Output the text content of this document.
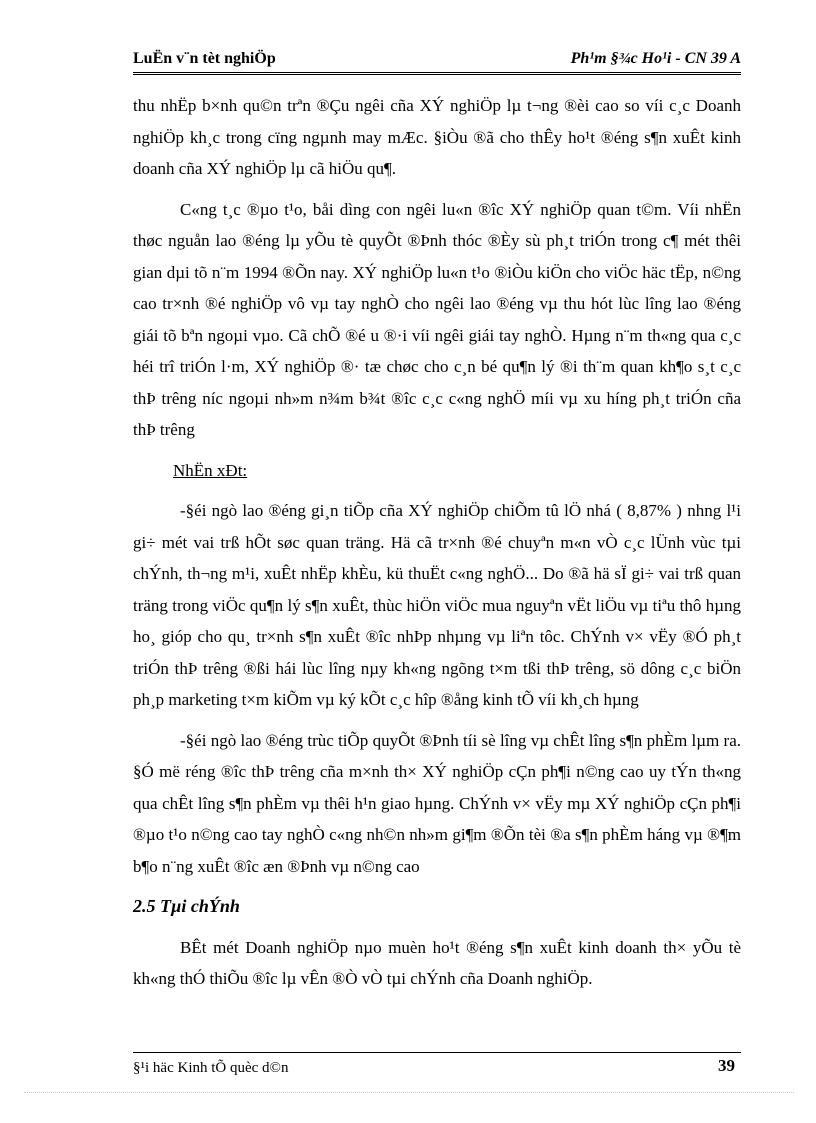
LuËn v¨n tèt nghiÖp	Ph¹m §¾c Ho¹i - CN 39 A

thu nhËp b×nh qu©n trªn ®Çu ngêi cña XÝ nghiÖp lµ t¬ng ®èi cao so víi c¸c Doanh nghiÖp kh¸c trong cïng ngµnh may mÆc. §iÒu ®ã cho thÊy ho¹t ®éng s¶n xuÊt kinh doanh cña XÝ nghiÖp lµ cã hiÖu qu¶.

C«ng t¸c ®µo t¹o, båi dìng con ngêi lu«n ®îc XÝ nghiÖp quan t©m. Víi nhËn thøc nguån lao ®éng lµ yÕu tè quyÕt ®Þnh thóc ®Èy sù ph¸t triÓn trong c¶ mét thêi gian dµi tõ n¨m 1994 ®Õn nay. XÝ nghiÖp lu«n t¹o ®iÒu kiÖn cho viÖc häc tËp, n©ng cao tr×nh ®é nghiÖp vô vµ tay nghÒ cho ngêi lao ®éng vµ thu hót lùc lîng lao ®éng giái tõ bªn ngoµi vµo. Cã chÕ ®é u ®·i víi ngêi giái tay nghÒ. Hµng n¨m th«ng qua c¸c héi trî triÓn l·m, XÝ nghiÖp ®· tæ chøc cho c¸n bé qu¶n lý ®i th¨m quan kh¶o s¸t c¸c thÞ trêng níc ngoµi nh»m n¾m b¾t ®îc c¸c c«ng nghÖ míi vµ xu híng ph¸t triÓn cña thÞ trêng

NhËn xÐt:

-§éi ngò lao ®éng gi¸n tiÕp cña XÝ nghiÖp chiÕm tû lÖ nhá ( 8,87% ) nhng l¹i gi÷ mét vai trß hÕt søc quan träng. Hä cã tr×nh ®é chuyªn m«n vÒ c¸c lÜnh vùc tµi chÝnh, th¬ng m¹i, xuÊt nhËp khÈu, kü thuËt c«ng nghÖ... Do ®ã hä sÏ gi÷ vai trß quan träng trong viÖc qu¶n lý s¶n xuÊt, thùc hiÖn viÖc mua nguyªn vËt liÖu vµ tiªu thô hµng ho¸ gióp cho qu¸ tr×nh s¶n xuÊt ®îc nhÞp nhµng vµ liªn tôc. ChÝnh v× vËy ®Ó ph¸t triÓn thÞ trêng ®ßi hái lùc lîng nµy kh«ng ngõng t×m tßi thÞ trêng, sö dông c¸c biÖn ph¸p marketing t×m kiÕm vµ ký kÕt c¸c hîp ®ång kinh tÕ víi kh¸ch hµng

-§éi ngò lao ®éng trùc tiÕp quyÕt ®Þnh tíi sè lîng vµ chÊt lîng s¶n phÈm lµm ra. §Ó më réng ®îc thÞ trêng cña m×nh th× XÝ nghiÖp cÇn ph¶i n©ng cao uy tÝn th«ng qua chÊt lîng s¶n phÈm vµ thêi h¹n giao hµng. ChÝnh v× vËy mµ XÝ nghiÖp cÇn ph¶i ®µo t¹o n©ng cao tay nghÒ c«ng nh©n nh»m gi¶m ®Õn tèi ®a s¶n phÈm háng vµ ®¶m b¶o n¨ng xuÊt ®îc æn ®Þnh vµ n©ng cao

2.5 Tµi chÝnh

BÊt mét Doanh nghiÖp nµo muèn ho¹t ®éng s¶n xuÊt kinh doanh th× yÕu tè kh«ng thÓ thiÕu ®îc lµ vÊn ®Ò vÒ tµi chÝnh cña Doanh nghiÖp.

§¹i häc Kinh tÕ quèc d©n	39
